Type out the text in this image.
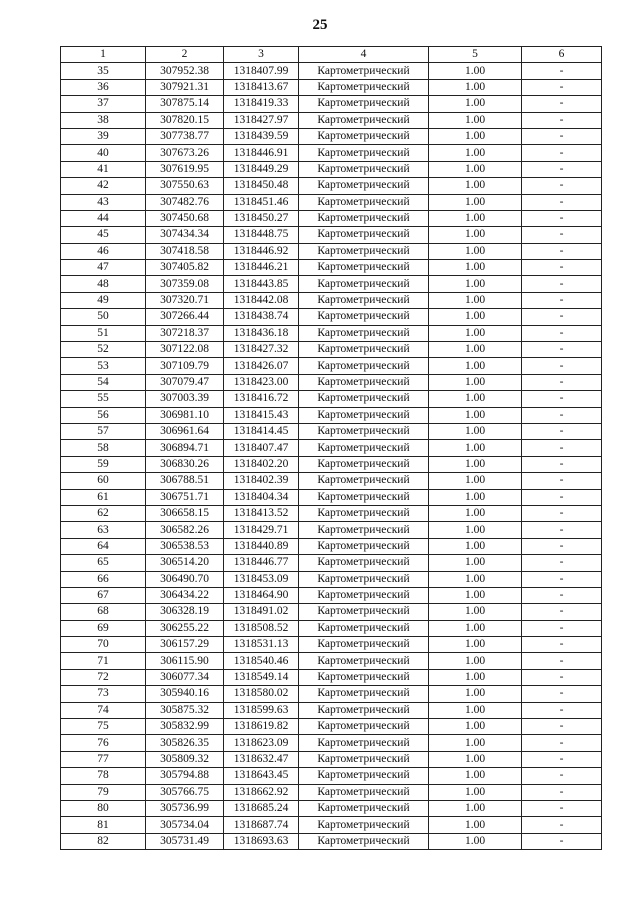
25
1	2	3	4	5	6
35	307952.38	1318407.99	Картометрический	1.00	-
36	307921.31	1318413.67	Картометрический	1.00	-
37	307875.14	1318419.33	Картометрический	1.00	-
38	307820.15	1318427.97	Картометрический	1.00	-
39	307738.77	1318439.59	Картометрический	1.00	-
40	307673.26	1318446.91	Картометрический	1.00	-
41	307619.95	1318449.29	Картометрический	1.00	-
42	307550.63	1318450.48	Картометрический	1.00	-
43	307482.76	1318451.46	Картометрический	1.00	-
44	307450.68	1318450.27	Картометрический	1.00	-
45	307434.34	1318448.75	Картометрический	1.00	-
46	307418.58	1318446.92	Картометрический	1.00	-
47	307405.82	1318446.21	Картометрический	1.00	-
48	307359.08	1318443.85	Картометрический	1.00	-
49	307320.71	1318442.08	Картометрический	1.00	-
50	307266.44	1318438.74	Картометрический	1.00	-
51	307218.37	1318436.18	Картометрический	1.00	-
52	307122.08	1318427.32	Картометрический	1.00	-
53	307109.79	1318426.07	Картометрический	1.00	-
54	307079.47	1318423.00	Картометрический	1.00	-
55	307003.39	1318416.72	Картометрический	1.00	-
56	306981.10	1318415.43	Картометрический	1.00	-
57	306961.64	1318414.45	Картометрический	1.00	-
58	306894.71	1318407.47	Картометрический	1.00	-
59	306830.26	1318402.20	Картометрический	1.00	-
60	306788.51	1318402.39	Картометрический	1.00	-
61	306751.71	1318404.34	Картометрический	1.00	-
62	306658.15	1318413.52	Картометрический	1.00	-
63	306582.26	1318429.71	Картометрический	1.00	-
64	306538.53	1318440.89	Картометрический	1.00	-
65	306514.20	1318446.77	Картометрический	1.00	-
66	306490.70	1318453.09	Картометрический	1.00	-
67	306434.22	1318464.90	Картометрический	1.00	-
68	306328.19	1318491.02	Картометрический	1.00	-
69	306255.22	1318508.52	Картометрический	1.00	-
70	306157.29	1318531.13	Картометрический	1.00	-
71	306115.90	1318540.46	Картометрический	1.00	-
72	306077.34	1318549.14	Картометрический	1.00	-
73	305940.16	1318580.02	Картометрический	1.00	-
74	305875.32	1318599.63	Картометрический	1.00	-
75	305832.99	1318619.82	Картометрический	1.00	-
76	305826.35	1318623.09	Картометрический	1.00	-
77	305809.32	1318632.47	Картометрический	1.00	-
78	305794.88	1318643.45	Картометрический	1.00	-
79	305766.75	1318662.92	Картометрический	1.00	-
80	305736.99	1318685.24	Картометрический	1.00	-
81	305734.04	1318687.74	Картометрический	1.00	-
82	305731.49	1318693.63	Картометрический	1.00	-
